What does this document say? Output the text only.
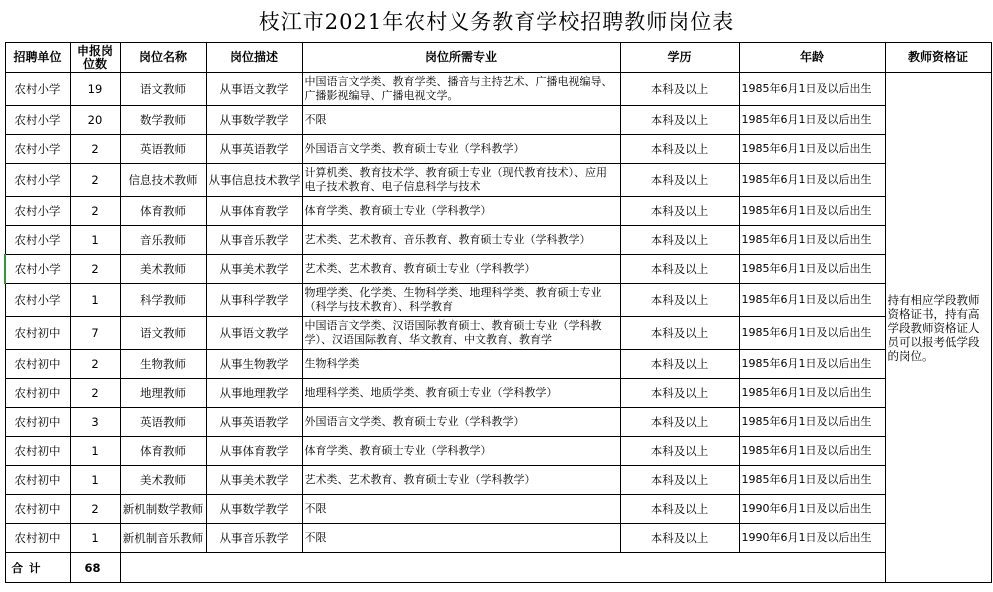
枝江市2021年农村义务教育学校招聘教师岗位表
招聘单位	申报岗位数	岗位名称	岗位描述	岗位所需专业	学历	年龄	教师资格证
农村小学	19	语文教师	从事语文教学	中国语言文学类、教育学类、播音与主持艺术、广播电视编导、广播影视编导、广播电视文学。	本科及以上	1985年6月1日及以后出生	持有相应学段教师资格证书，持有高学段教师资格证人员可以报考低学段的岗位。
农村小学	20	数学教师	从事数学教学	不限	本科及以上	1985年6月1日及以后出生	
农村小学	2	英语教师	从事英语教学	外国语言文学类、教育硕士专业（学科教学）	本科及以上	1985年6月1日及以后出生	
农村小学	2	信息技术教师	从事信息技术教学	计算机类、教育技术学、教育硕士专业（现代教育技术）、应用电子技术教育、电子信息科学与技术	本科及以上	1985年6月1日及以后出生	
农村小学	2	体育教师	从事体育教学	体育学类、教育硕士专业（学科教学）	本科及以上	1985年6月1日及以后出生	
农村小学	1	音乐教师	从事音乐教学	艺术类、艺术教育、音乐教育、教育硕士专业（学科教学）	本科及以上	1985年6月1日及以后出生	
农村小学	2	美术教师	从事美术教学	艺术类、艺术教育、教育硕士专业（学科教学）	本科及以上	1985年6月1日及以后出生	
农村小学	1	科学教师	从事科学教学	物理学类、化学类、生物科学类、地理科学类、教育硕士专业（科学与技术教育）、科学教育	本科及以上	1985年6月1日及以后出生	
农村初中	7	语文教师	从事语文教学	中国语言文学类、汉语国际教育硕士、教育硕士专业（学科教学）、汉语国际教育、华文教育、中文教育、教育学	本科及以上	1985年6月1日及以后出生	
农村初中	2	生物教师	从事生物教学	生物科学类	本科及以上	1985年6月1日及以后出生	
农村初中	2	地理教师	从事地理教学	地理科学类、地质学类、教育硕士专业（学科教学）	本科及以上	1985年6月1日及以后出生	
农村初中	3	英语教师	从事英语教学	外国语言文学类、教育硕士专业（学科教学）	本科及以上	1985年6月1日及以后出生	
农村初中	1	体育教师	从事体育教学	体育学类、教育硕士专业（学科教学）	本科及以上	1985年6月1日及以后出生	
农村初中	1	美术教师	从事美术教学	艺术类、艺术教育、教育硕士专业（学科教学）	本科及以上	1985年6月1日及以后出生	
农村初中	2	新机制数学教师	从事数学教学	不限	本科及以上	1990年6月1日及以后出生	
农村初中	1	新机制音乐教师	从事音乐教学	不限	本科及以上	1990年6月1日及以后出生	
合计	68						
